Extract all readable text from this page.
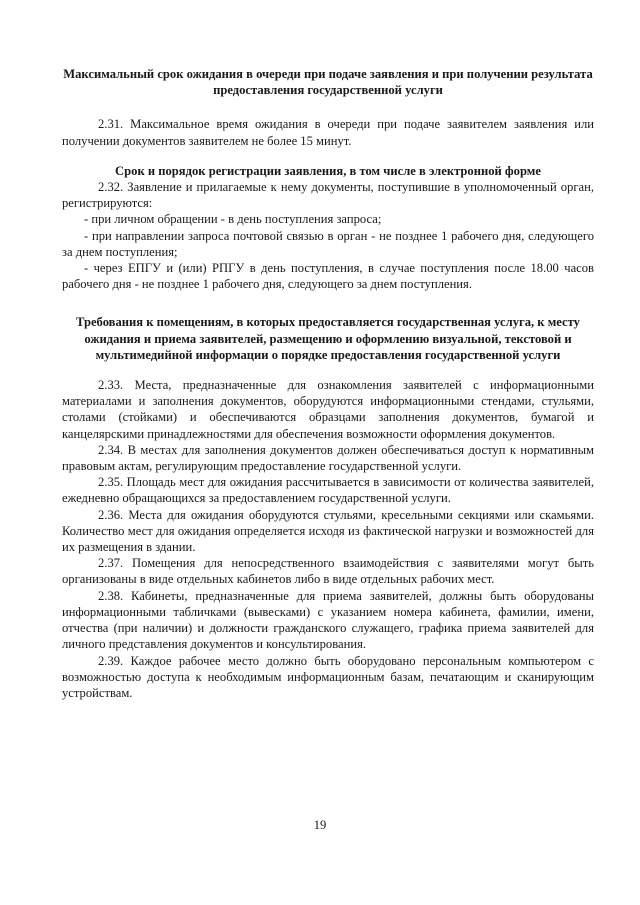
Максимальный срок ожидания в очереди при подаче заявления и при получении результата предоставления государственной услуги

2.31. Максимальное время ожидания в очереди при подаче заявителем заявления или получении документов заявителем не более 15 минут.

Срок и порядок регистрации заявления, в том числе в электронной форме

2.32. Заявление и прилагаемые к нему документы, поступившие в уполномоченный орган, регистрируются:

- при личном обращении - в день поступления запроса;

- при направлении запроса почтовой связью в орган - не позднее 1 рабочего дня, следующего за днем поступления;

- через ЕПГУ и (или) РПГУ в день поступления, в случае поступления после 18.00 часов рабочего дня - не позднее 1 рабочего дня, следующего за днем поступления.

Требования к помещениям, в которых предоставляется государственная услуга, к месту ожидания и приема заявителей, размещению и оформлению визуальной, текстовой и мультимедийной информации о порядке предоставления государственной услуги

2.33. Места, предназначенные для ознакомления заявителей с информационными материалами и заполнения документов, оборудуются информационными стендами, стульями, столами (стойками) и обеспечиваются образцами заполнения документов, бумагой и канцелярскими принадлежностями для обеспечения возможности оформления документов.

2.34. В местах для заполнения документов должен обеспечиваться доступ к нормативным правовым актам, регулирующим предоставление государственной услуги.

2.35. Площадь мест для ожидания рассчитывается в зависимости от количества заявителей, ежедневно обращающихся за предоставлением государственной услуги.

2.36. Места для ожидания оборудуются стульями, кресельными секциями или скамьями. Количество мест для ожидания определяется исходя из фактической нагрузки и возможностей для их размещения в здании.

2.37. Помещения для непосредственного взаимодействия с заявителями могут быть организованы в виде отдельных кабинетов либо в виде отдельных рабочих мест.

2.38. Кабинеты, предназначенные для приема заявителей, должны быть оборудованы информационными табличками (вывесками) с указанием номера кабинета, фамилии, имени, отчества (при наличии) и должности гражданского служащего, графика приема заявителей для личного представления документов и консультирования.

2.39. Каждое рабочее место должно быть оборудовано персональным компьютером с возможностью доступа к необходимым информационным базам, печатающим и сканирующим устройствам.

19
